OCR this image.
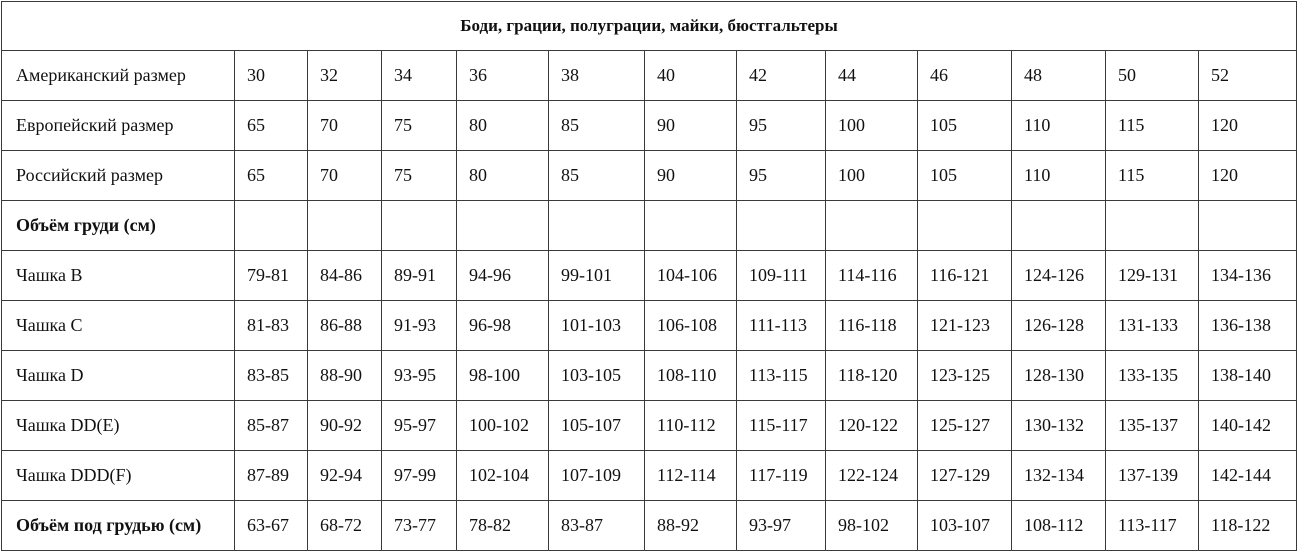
Боди, грации, полуграции, майки, бюстгальтеры												
Американский размер	30	32	34	36	38	40	42	44	46	48	50	52
Европейский размер	65	70	75	80	85	90	95	100	105	110	115	120
Российский размер	65	70	75	80	85	90	95	100	105	110	115	120
Объём груди (см)												
Чашка B	79-81	84-86	89-91	94-96	99-101	104-106	109-111	114-116	116-121	124-126	129-131	134-136
Чашка C	81-83	86-88	91-93	96-98	101-103	106-108	111-113	116-118	121-123	126-128	131-133	136-138
Чашка D	83-85	88-90	93-95	98-100	103-105	108-110	113-115	118-120	123-125	128-130	133-135	138-140
Чашка DD(E)	85-87	90-92	95-97	100-102	105-107	110-112	115-117	120-122	125-127	130-132	135-137	140-142
Чашка DDD(F)	87-89	92-94	97-99	102-104	107-109	112-114	117-119	122-124	127-129	132-134	137-139	142-144
Объём под грудью (см)	63-67	68-72	73-77	78-82	83-87	88-92	93-97	98-102	103-107	108-112	113-117	118-122
